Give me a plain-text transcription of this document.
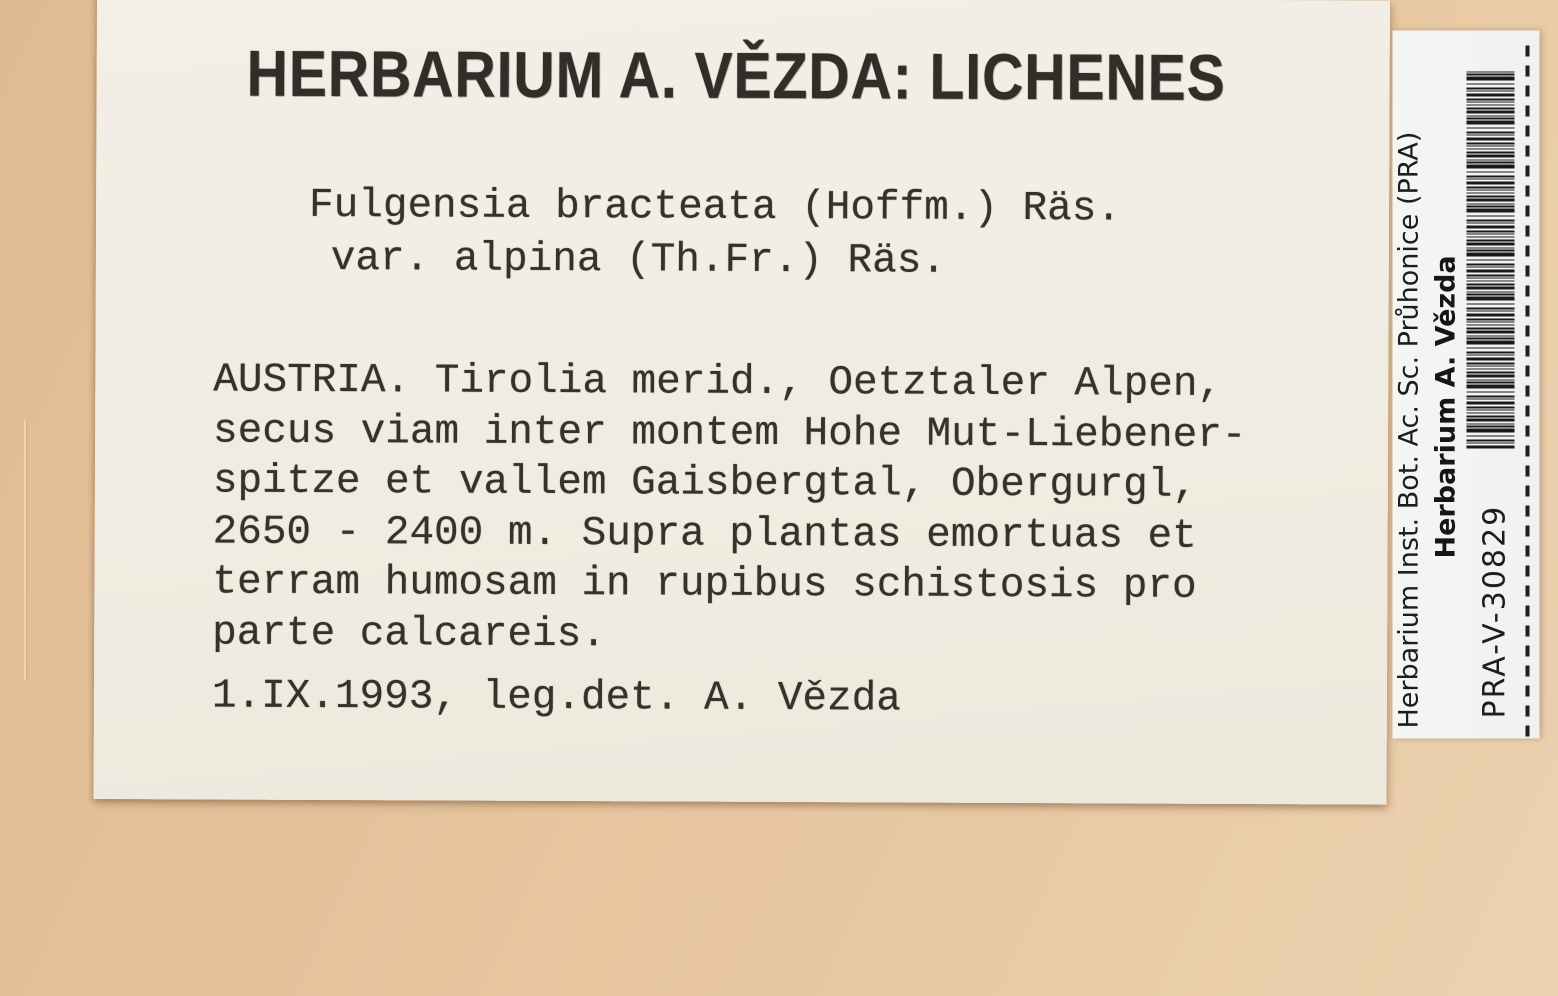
HERBARIUM A. VĚZDA: LICHENES
Fulgensia bracteata (Hoffm.) Räs.
var. alpina (Th.Fr.) Räs.
AUSTRIA. Tirolia merid., Oetztaler Alpen,
secus viam inter montem Hohe Mut-Liebener-
spitze et vallem Gaisbergtal, Obergurgl,
2650 - 2400 m. Supra plantas emortuas et
terram humosam in rupibus schistosis pro
parte calcareis.
1.IX.1993, leg.det. A. Vězda	Herbarium Inst. Bot. Ac. Sc. Průhonice (PRA) Herbarium A. Vězda
PRA-V-30829
